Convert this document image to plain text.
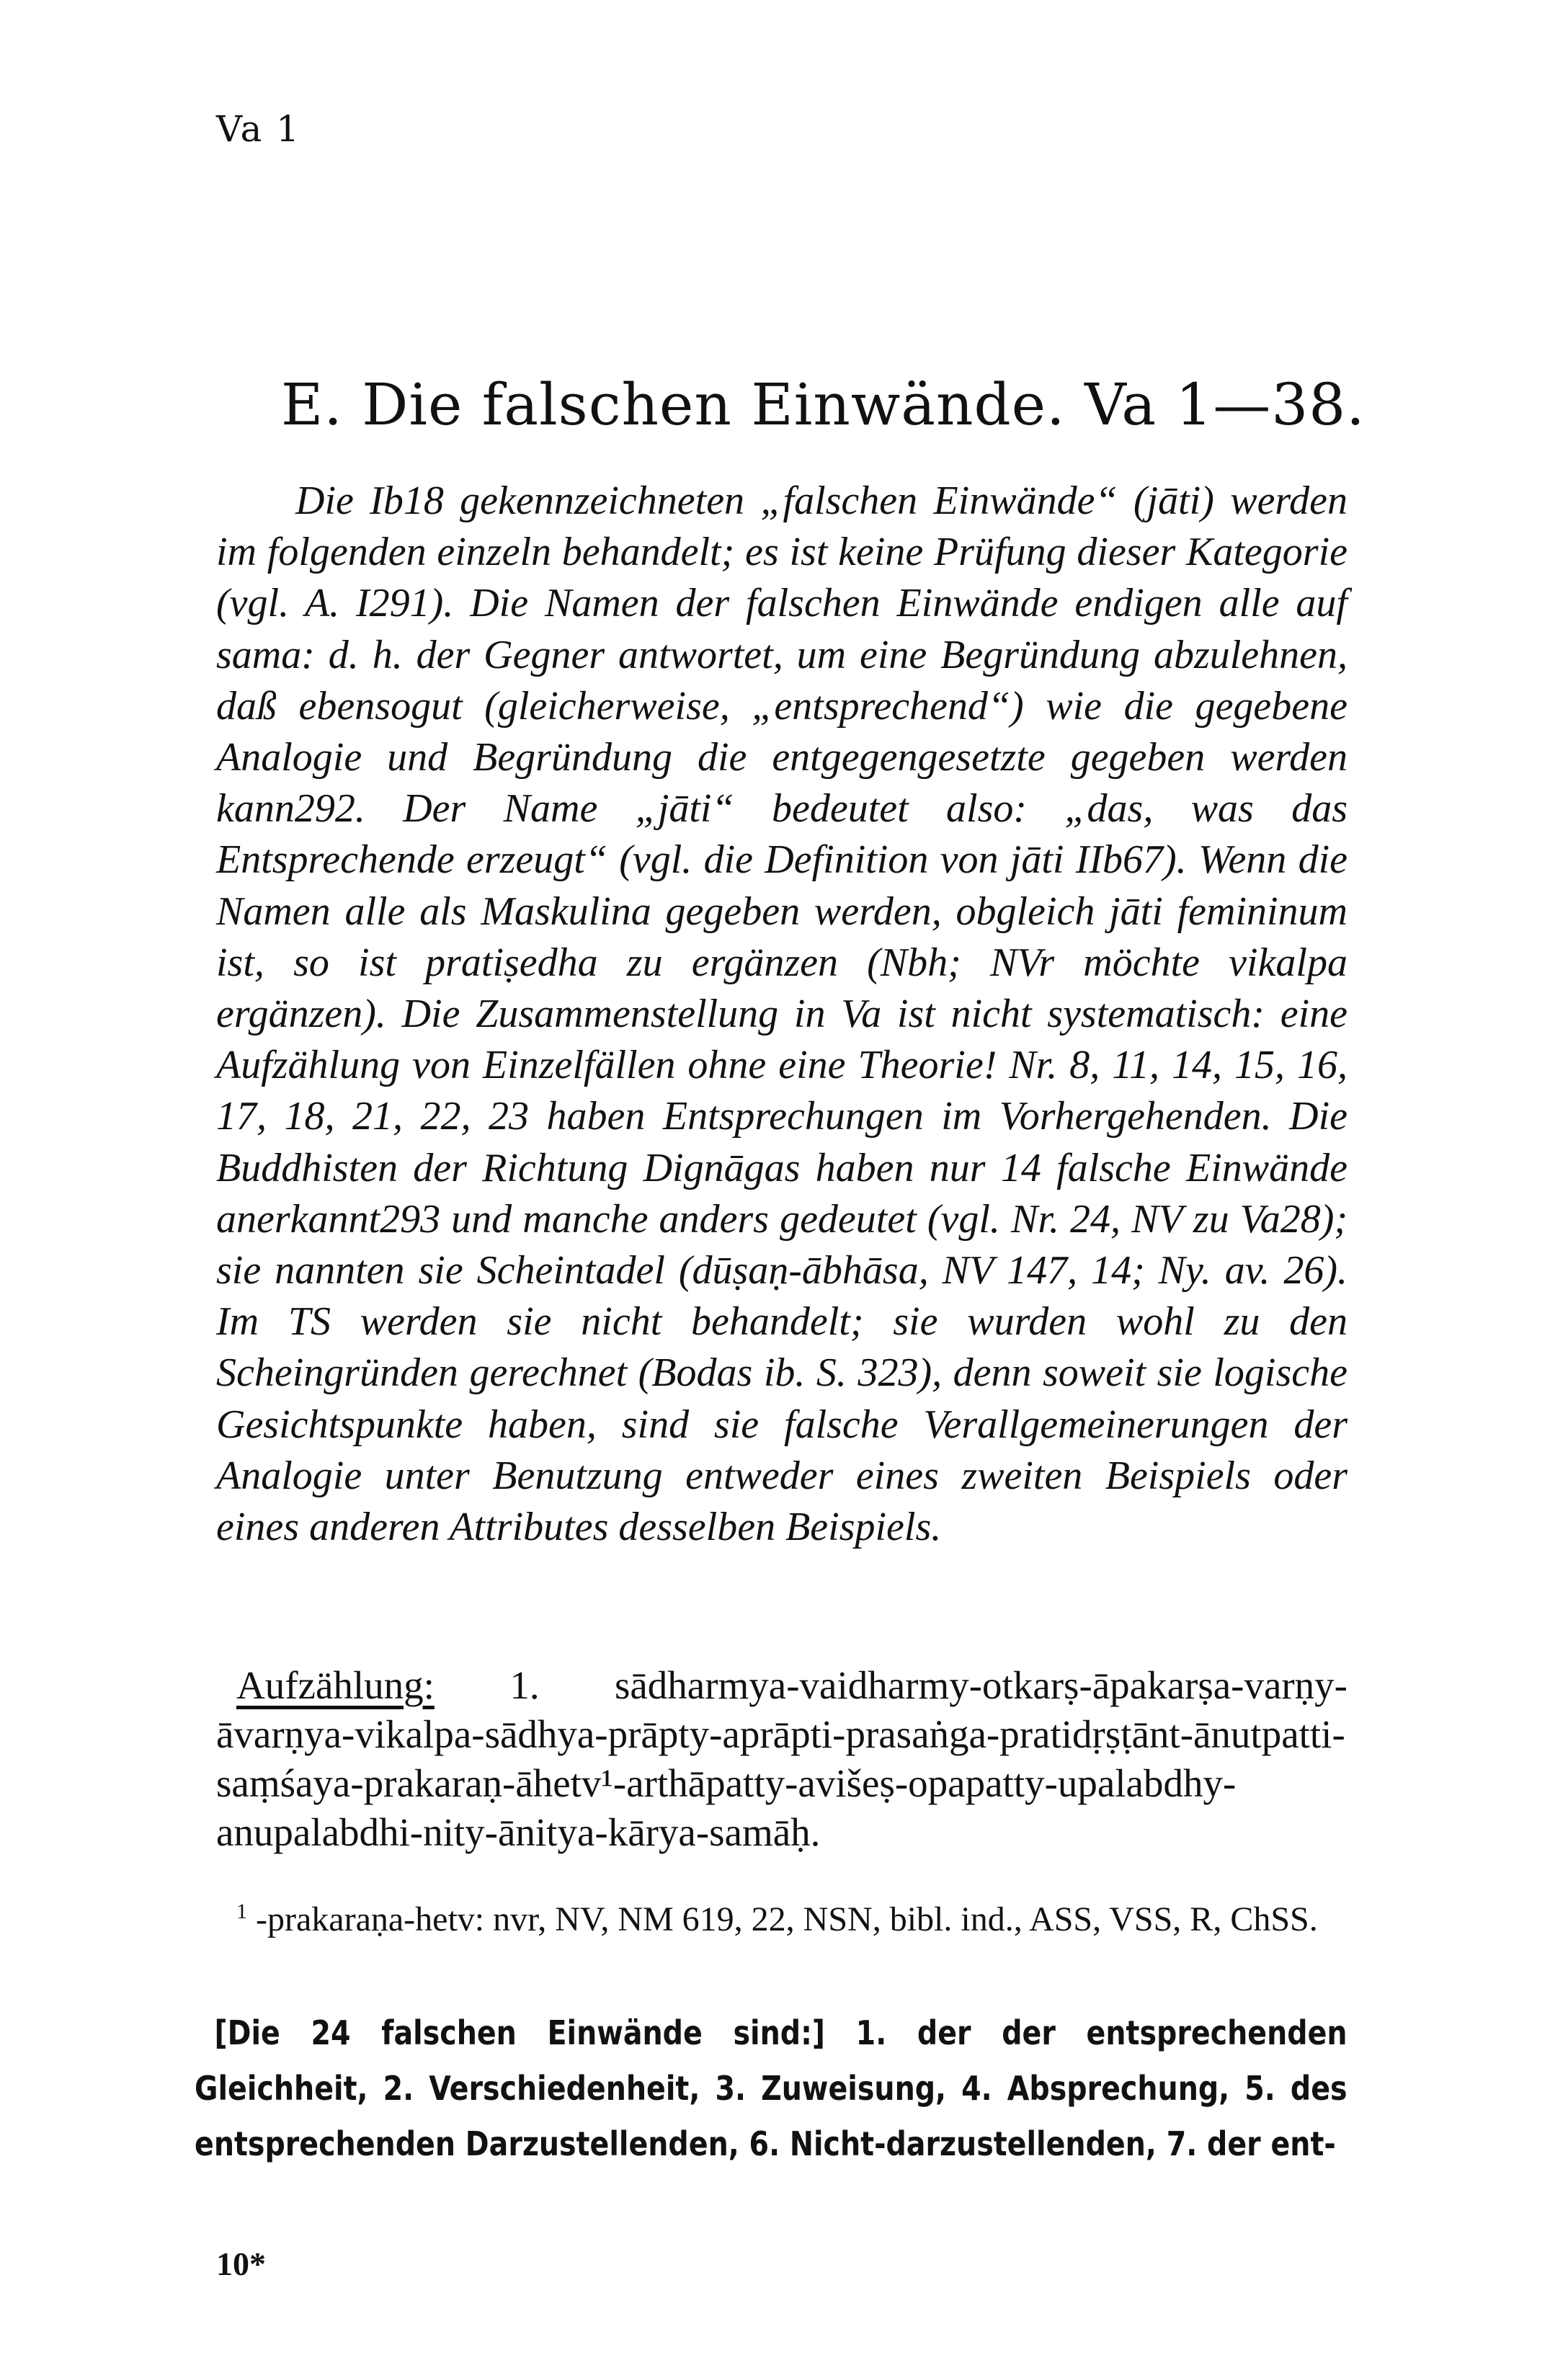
Va 1
E. Die falschen Einwände. Va 1—38.

Die Ib18 gekennzeichneten „falschen Einwände“ (jāti) werden im folgenden einzeln behandelt; es ist keine Prüfung dieser Kategorie (vgl. A. I291). Die Namen der falschen Einwände endigen alle auf sama: d. h. der Gegner antwortet, um eine Begründung abzulehnen, daß ebensogut (gleicherweise, „entsprechend“) wie die gegebene Analogie und Begründung die entgegengesetzte gegeben werden kann292. Der Name „jāti“ bedeutet also: „das, was das Entsprechende erzeugt“ (vgl. die Definition von jāti IIb67). Wenn die Namen alle als Maskulina gegeben werden, obgleich jāti femininum ist, so ist pratiṣedha zu ergänzen (Nbh; NVr möchte vikalpa ergänzen). Die Zusammenstellung in Va ist nicht systematisch: eine Aufzählung von Einzelfällen ohne eine Theorie! Nr. 8, 11, 14, 15, 16, 17, 18, 21, 22, 23 haben Entsprechungen im Vorhergehenden. Die Buddhisten der Richtung Dignāgas haben nur 14 falsche Einwände anerkannt293 und manche anders gedeutet (vgl. Nr. 24, NV zu Va28); sie nannten sie Scheintadel (dūṣaṇ-ābhāsa, NV 147, 14; Ny. av. 26). Im TS werden sie nicht behandelt; sie wurden wohl zu den Scheingründen gerechnet (Bodas ib. S. 323), denn soweit sie logische Gesichtspunkte haben, sind sie falsche Verallgemeinerungen der Analogie unter Benutzung entweder eines zweiten Beispiels oder eines anderen Attributes desselben Beispiels.

Aufzählung: 1. sādharmya-vaidharmy-otkarṣ-āpakarṣa-varṇy-āvarṇya-vikalpa-sādhya-prāpty-aprāpti-prasaṅga-pratidṛṣṭānt-ānutpatti-saṃśaya-prakaraṇ-āhetv¹-arthāpatty-avišeṣ-opapatty-upalabdhy-anupalabdhi-nity-ānitya-kārya-samāḥ.

$^1$ -prakaraṇa-hetv: nvr, NV, NM 619, 22, NSN, bibl. ind., ASS, VSS, R, ChSS.

[Die 24 falschen Einwände sind:] 1. der der entsprechenden Gleichheit, 2. Verschiedenheit, 3. Zuweisung, 4. Absprechung, 5. des entsprechenden Darzustellenden, 6. Nicht-darzustellenden, 7. der ent-

10*
